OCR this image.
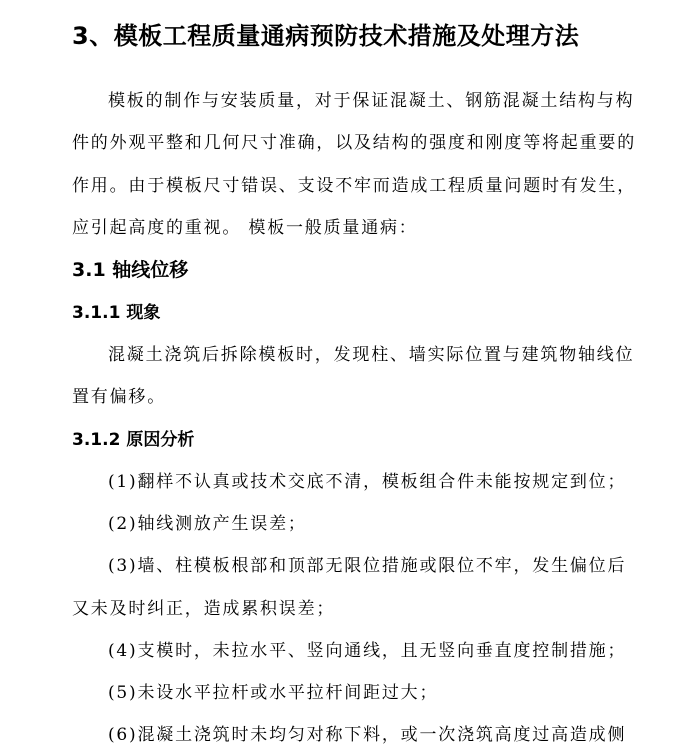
3、模板工程质量通病预防技术措施及处理方法

模板的制作与安装质量，对于保证混凝土、钢筋混凝土结构与构

件的外观平整和几何尺寸准确，以及结构的强度和刚度等将起重要的

作用。由于模板尺寸错误、支设不牢而造成工程质量问题时有发生，

应引起高度的重视。 模板一般质量通病：

3.1 轴线位移
3.1.1 现象

混凝土浇筑后拆除模板时，发现柱、墙实际位置与建筑物轴线位

置有偏移。

3.1.2 原因分析

(1)翻样不认真或技术交底不清，模板组合件未能按规定到位；

(2)轴线测放产生误差；

(3)墙、柱模板根部和顶部无限位措施或限位不牢，发生偏位后

又未及时纠正，造成累积误差；

(4)支模时，未拉水平、竖向通线，且无竖向垂直度控制措施；

(5)未设水平拉杆或水平拉杆间距过大；

(6)混凝土浇筑时未均匀对称下料，或一次浇筑高度过高造成侧
